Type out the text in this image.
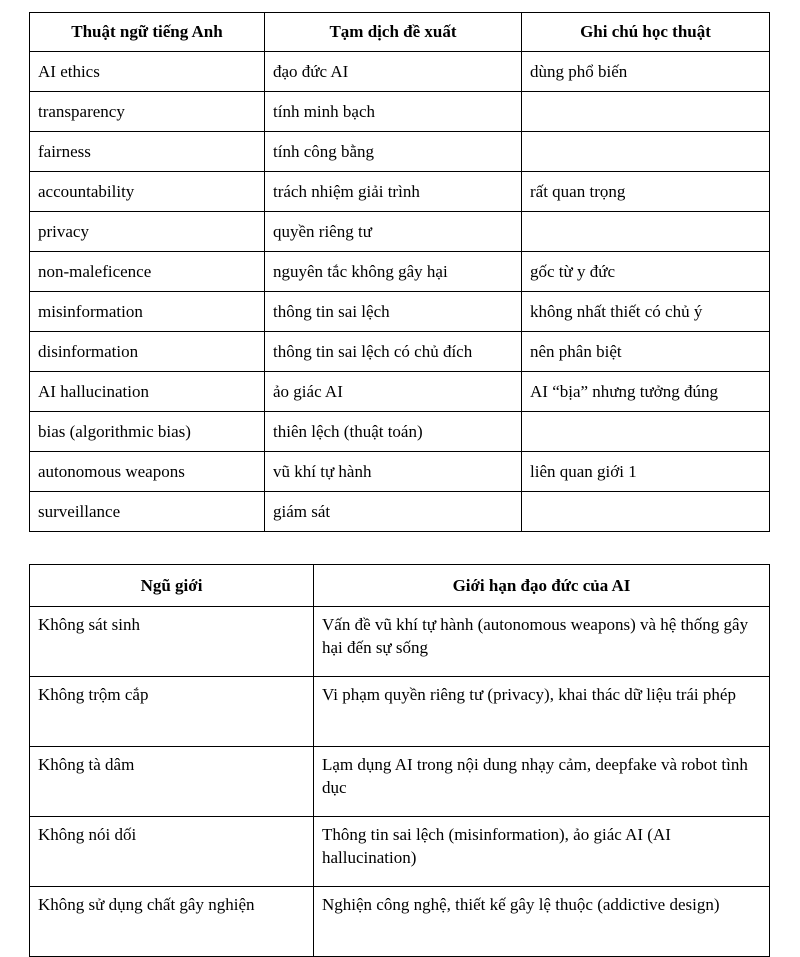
Thuật ngữ tiếng Anh	Tạm dịch đề xuất	Ghi chú học thuật
AI ethics	đạo đức AI	dùng phổ biến
transparency	tính minh bạch	
fairness	tính công bằng	
accountability	trách nhiệm giải trình	rất quan trọng
privacy	quyền riêng tư	
non-maleficence	nguyên tắc không gây hại	gốc từ y đức
misinformation	thông tin sai lệch	không nhất thiết có chủ ý
disinformation	thông tin sai lệch có chủ đích	nên phân biệt
AI hallucination	ảo giác AI	AI “bịa” nhưng tưởng đúng
bias (algorithmic bias)	thiên lệch (thuật toán)	
autonomous weapons	vũ khí tự hành	liên quan giới 1
surveillance	giám sát	
Ngũ giới	Giới hạn đạo đức của AI
Không sát sinh	Vấn đề vũ khí tự hành (autonomous weapons) và hệ thống gây hại đến sự sống
Không trộm cắp	Vi phạm quyền riêng tư (privacy), khai thác dữ liệu trái phép
Không tà dâm	Lạm dụng AI trong nội dung nhạy cảm, deepfake và robot tình dục
Không nói dối	Thông tin sai lệch (misinformation), ảo giác AI (AI hallucination)
Không sử dụng chất gây nghiện	Nghiện công nghệ, thiết kế gây lệ thuộc (addictive design)
